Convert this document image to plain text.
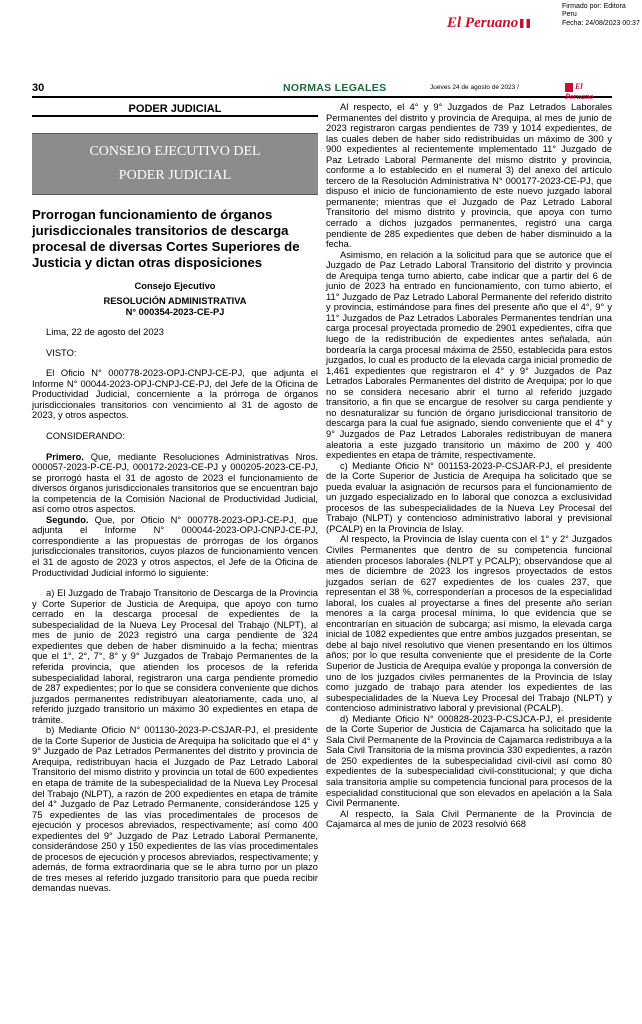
Firmado por: Editora
Peru
Fecha: 24/08/2023 00:37
El Peruano
30	NORMAS LEGALES	Jueves 24 de agosto de 2023 /	El Peruano

PODER JUDICIAL

CONSEJO EJECUTIVO DEL
PODER JUDICIAL
Prorrogan funcionamiento de órganos jurisdiccionales transitorios de descarga procesal de diversas Cortes Superiores de Justicia y dictan otras disposiciones

Consejo Ejecutivo

RESOLUCIÓN ADMINISTRATIVA

N° 000354-2023-CE-PJ

Lima, 22 de agosto del 2023

VISTO:

El Oficio N° 000778-2023-OPJ-CNPJ-CE-PJ, que adjunta el Informe N° 00044-2023-OPJ-CNPJ-CE-PJ, del Jefe de la Oficina de Productividad Judicial, concerniente a la prórroga de órganos jurisdiccionales transitorios con vencimiento al 31 de agosto de 2023, y otros aspectos.

CONSIDERANDO:

Primero. Que, mediante Resoluciones Administrativas Nros. 000057-2023-P-CE-PJ, 000172-2023-CE-PJ y 000205-2023-CE-PJ, se prorrogó hasta el 31 de agosto de 2023 el funcionamiento de diversos órganos jurisdiccionales transitorios que se encuentran bajo la competencia de la Comisión Nacional de Productividad Judicial, así como otros aspectos.

Segundo. Que, por Oficio N° 000778-2023-OPJ-CE-PJ, que adjunta el Informe N° 000044-2023-OPJ-CNPJ-CE-PJ, correspondiente a las propuestas de prórrogas de los órganos jurisdiccionales transitorios, cuyos plazos de funcionamiento vencen el 31 de agosto de 2023 y otros aspectos, el Jefe de la Oficina de Productividad Judicial informó lo siguiente:

a) El Juzgado de Trabajo Transitorio de Descarga de la Provincia y Corte Superior de Justicia de Arequipa, que apoyo con turno cerrado en la descarga procesal de expedientes de la subespecialidad de la Nueva Ley Procesal del Trabajo (NLPT), al mes de junio de 2023 registró una carga pendiente de 324 expedientes que deben de haber disminuido a la fecha; mientras que el 1°, 2°, 7°, 8° y 9° Juzgados de Trabajo Permanentes de la referida provincia, que atienden los procesos de la referida subespecialidad laboral, registraron una carga pendiente promedio de 287 expedientes; por lo que se considera conveniente que dichos juzgados permanentes redistribuyan aleatoriamente, cada uno, al referido juzgado transitorio un máximo 30 expedientes en etapa de trámite.

b) Mediante Oficio N° 001130-2023-P-CSJAR-PJ, el presidente de la Corte Superior de Justicia de Arequipa ha solicitado que el 4° y 9° Juzgado de Paz Letrados Permanentes del distrito y provincia de Arequipa, redistribuyan hacia el Juzgado de Paz Letrado Laboral Transitorio del mismo distrito y provincia un total de 600 expedientes en etapa de trámite de la subespecialidad de la Nueva Ley Procesal del Trabajo (NLPT), a razón de 200 expedientes en etapa de trámite del 4° Juzgado de Paz Letrado Permanente, considerándose 125 y 75 expedientes de las vías procedimentales de procesos de ejecución y procesos abreviados, respectivamente; así como 400 expedientes del 9° Juzgado de Paz Letrado Laboral Permanente, considerándose 250 y 150 expedientes de las vías procedimentales de procesos de ejecución y procesos abreviados, respectivamente; y además, de forma extraordinaria que se le abra turno por un plazo de tres meses al referido juzgado transitorio para que pueda recibir demandas nuevas.

Al respecto, el 4° y 9° Juzgados de Paz Letrados Laborales Permanentes del distrito y provincia de Arequipa, al mes de junio de 2023 registraron cargas pendientes de 739 y 1014 expedientes, de las cuales deben de haber sido redistribuidas un máximo de 300 y 900 expedientes al recientemente implementado 11° Juzgado de Paz Letrado Laboral Permanente del mismo distrito y provincia, conforme a lo establecido en el numeral 3) del anexo del artículo tercero de la Resolución Administrativa N° 000177-2023-CE-PJ, que dispuso el inicio de funcionamiento de este nuevo juzgado laboral permanente; mientras que el Juzgado de Paz Letrado Laboral Transitorio del mismo distrito y provincia, que apoya con turno cerrado a dichos juzgados permanentes, registró una carga pendiente de 285 expedientes que deben de haber disminuido a la fecha.

Asimismo, en relación a la solicitud para que se autorice que el Juzgado de Paz Letrado Laboral Transitorio del distrito y provincia de Arequipa tenga turno abierto, cabe indicar que a partir del 6 de junio de 2023 ha entrado en funcionamiento, con turno abierto, el 11° Juzgado de Paz Letrado Laboral Permanente del referido distrito y provincia, estimándose para fines del presente año que el 4°, 9° y 11° Juzgados de Paz Letrados Laborales Permanentes tendrían una carga procesal proyectada promedio de 2901 expedientes, cifra que luego de la redistribución de expedientes antes señalada, aún bordearía la carga procesal máxima de 2550, establecida para estos juzgados, lo cual es producto de la elevada carga inicial promedio de 1,461 expedientes que registraron el 4° y 9° Juzgados de Paz Letrados Laborales Permanentes del distrito de Arequipa; por lo que no se considera necesario abrir el turno al referido juzgado transitorio, a fin que se encargue de resolver su carga pendiente y no desnaturalizar su función de órgano jurisdiccional transitorio de descarga para la cual fue asignado, siendo conveniente que el 4° y 9° Juzgados de Paz Letrados Laborales redistribuyan de manera aleatoria a este juzgado transitorio un máximo de 200 y 400 expedientes en etapa de trámite, respectivamente.

c) Mediante Oficio N° 001153-2023-P-CSJAR-PJ, el presidente de la Corte Superior de Justicia de Arequipa ha solicitado que se pueda evaluar la asignación de recursos para el funcionamiento de un juzgado especializado en lo laboral que conozca a exclusividad procesos de las subespecialidades de la Nueva Ley Procesal del Trabajo (NLPT) y contencioso administrativo laboral y previsional (PCALP) en la Provincia de Islay.

Al respecto, la Provincia de Islay cuenta con el 1° y 2° Juzgados Civiles Permanentes que dentro de su competencia funcional atienden procesos laborales (NLPT y PCALP); observándose que al mes de diciembre de 2023 los ingresos proyectados de estos juzgados serían de 627 expedientes de los cuales 237, que representan el 38 %, corresponderían a procesos de la especialidad laboral, los cuales al proyectarse a fines del presente año serían menores a la carga procesal mínima, lo que evidencia que se encontrarían en situación de subcarga; así mismo, la elevada carga inicial de 1082 expedientes que entre ambos juzgados presentan, se debe al bajo nivel resolutivo que vienen presentando en los últimos años; por lo que resulta conveniente que el presidente de la Corte Superior de Justicia de Arequipa evalúe y proponga la conversión de uno de los juzgados civiles permanentes de la Provincia de Islay como juzgado de trabajo para atender los expedientes de las subespecialidades de la Nueva Ley Procesal del Trabajo (NLPT) y contencioso administrativo laboral y previsional (PCALP).

d) Mediante Oficio N° 000828-2023-P-CSJCA-PJ, el presidente de la Corte Superior de Justicia de Cajamarca ha solicitado que la Sala Civil Permanente de la Provincia de Cajamarca redistribuya a la Sala Civil Transitoria de la misma provincia 330 expedientes, a razón de 250 expedientes de la subespecialidad civil-civil así como 80 expedientes de la subespecialidad civil-constitucional; y que dicha sala transitoria amplíe su competencia funcional para procesos de la especialidad constitucional que son elevados en apelación a la Sala Civil Permanente.

Al respecto, la Sala Civil Permanente de la Provincia de Cajamarca al mes de junio de 2023 resolvió 668
